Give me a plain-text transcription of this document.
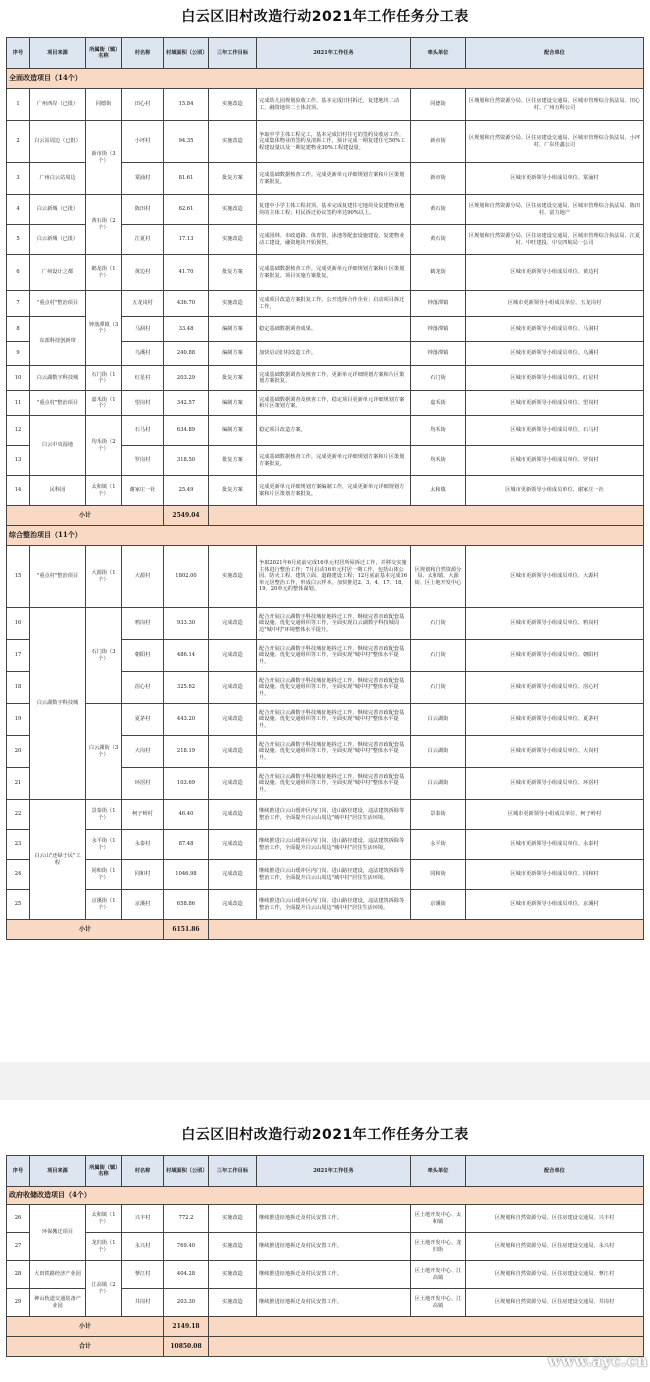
白云区旧村改造行动2021年工作任务分工表
序号	项目来源	所属街（镇）名称	村名称	村域面积（公顷）	三年工作目标	2021年工作任务	牵头单位	配合单位
全面改造项目（14个）								
1	广州西岸（已批）	同德街	田心村	15.84	实施改造	完成幼儿园规划验收工作。基本完成旧村拆迁，复建地块二动工，融资地块二土体封顶。	同德街	区城划和自然资源分局、区住房建设交通局、区城市管理综合执法局、田心村、广州万科公司
2	白云站周边（已批）	新市街（3个）	小坪村	94.35	实施改造	争取中学主体工程完工，基本完成旧村住宅的签约及收房工作，完成集体物业的签约及清拆工作，预计完成一期复建住宅50%工程建设量以及一期复建物业30%工程建设量。	新市街	区规划和自然资源分局、区住房建设交通局、区城市管理综合执法局、小坪村、广东佳鑫公司
3	广州白云站周边		棠涌村	81.61	批复方案	完成基础数据核查工作。完成更新单元详细规划方案和片区策划方案批复。	新市街	区城市更新领导小组成员单位、棠涌村
4	白云新城（已批）	黄石街（2个）	陈田村	62.61	实施改造	复建中小学主体工程封顶，基本完成复建住宅地块及复建物业地块的主体工程；村民拆迁协议签约率达90%以上。	黄石街	区规划和自然资源分局、区住房建设交通局、区城市管理综合执法局、陈田村、富力地产
5	白云新城（已批）		江夏村	17.13	实施改造	完成园林、市政道路、体育馆、泳池等配套设施建设，复建物业动工建设，融资地块开始预售。	黄石街	区规划和自然资源分局、区住房建设交通局、区城市管理综合执法局、江夏村、中旺建投、中交四航局一公司
6	广州设计之都	鹤龙街（1个）	黄边村	41.70	批复方案	完成基础数据核查工作。完成更新单元详细规划方案和片区策划方案批复。项目实施方案批复。	鹤龙街	区城市更新领导小组成员单位、黄边村
7	"重点村"整治项目	钟落潭镇（3个）	五龙岗村	436.70	实施改造	完成项目改造方案批复工作。公开选择合作企业；启动项目拆迁工作。	钟落潭镇	区城市更新领导小组成员单位、五龙岗村
8	东部科技创新带		马洞村	33.48	编制方案	稳定基础数据调查成果。	钟落潭镇	区城市更新领导小组成员单位、马洞村
9			乌溪村	240.88	编制方案	加快启动旧村改造工作。	钟落潭镇	区城市更新领导小组成员单位、乌溪村
10	白云湖数字科技城	石门街（1个）	红星村	203.29	批复方案	完成基础数据调查及核查工作，更新单元详细规划方案和片区策划方案批复。	石门街	区城市更新领导小组成员单位、红星村
11	"重点村"整治项目	嘉禾街（1个）	望岗村	342.57	编制方案	完成基础数据调查及核查工作，稳定项目更新单元详细规划方案和片区策划方案。	嘉禾街	区城市更新领导小组成员单位、望岗村
12	白云中央湿地	均禾街（2个）	石马村	634.89	编制方案	稳定项目改造方案。	均禾街	区城市更新领导小组成员单位、石马村
13			罗岗村	318.50	批复方案	完成基础数据核查工作。完成更新单元详细规划方案和片区策划方案批复。	均禾街	区城市更新领导小组成员单位、罗岗村
14	民科园	太和镇（1个）	谢家庄一社	25.49	批复方案	完成更新单元详细规划方案编制工作，完成更新单元详细规划方案和片区策划方案批复。	太和镇	区城市更新领导小组成员单位、谢家庄一社
小计				2549.04				
综合整治项目（11个）								
15	"重点村"整治项目	大源街（1个）	大源村	1802.00	实施改造	争取2021年6月底前完成16单元村居所屋拆迁工作，并移交实施主体进行整治工作；7月启动16单元村居一期工作，包括山体公园、防火工程、建筑立面、道路建设工程；12月底前基本完成16单元居整治工作，形成白云样本，加快推进2、3、4、17、18、19、20单元的整体谋划。	区规划和自然资源分局、太和镇、大源街、区土地开发中心	区城市更新领导小组成员单位、大源村
16	白云湖数字科技城	石门街（3个）	鸦岗村	933.30	完成改造	配合开展白云湖数字科技城征地拆迁工作，继续完善市政配套基础设施、优化交通组织等工作，全面实现白云湖数字科技城周边"城中村"环境整体水平提升。	石门街	区城市更新领导小组成员单位、鸦岗村
17			朝阳村	486.14	完成改造	配合开展白云湖数字科技城征地拆迁工作，继续完善市政配套基础设施、优化交通组织等工作，全面实现"城中村"整体水平提升。	石门街	区城市更新领导小组成员单位、朝阳村
18			滘心村	325.62	完成改造	配合开展白云湖数字科技城征地拆迁工作，继续完善市政配套基础设施、优化交通组织等工作，全面实现"城中村"整体水平提升。	石门街	区城市更新领导小组成员单位、滘心村
19		白云湖街（3个）	夏茅村	443.20	完成改造	配合开展白云湖数字科技城征地拆迁工作，继续完善市政配套基础设施、优化交通组织等工作，全面实现"城中村"整体水平提升。	白云湖街	区城市更新领导小组成员单位、夏茅村
20			大岗村	218.19	完成改造	配合开展白云湖数字科技城征地拆迁工作，继续完善市政配套基础设施、优化交通组织等工作，全面实现"城中村"整体水平提升。	白云湖街	区城市更新领导小组成员单位、大岗村
21			环滘村	103.69	完成改造	配合开展白云湖数字科技城征地拆迁工作，继续完善市政配套基础设施、优化交通组织等工作，全面实现"城中村"整体水平提升。	白云湖街	区城市更新领导小组成员单位、环滘村
22	白云山"还绿于民"工程	景泰街（1个）	柯子岭村	46.40	完成改造	继续推进白云山缓冲区内门岗、进山路径建设，违法建筑拆除等整治工作，全面提升白云山周边"城中村"居住生活环境。	景泰街	区城市更新领导小组成员单位、柯子岭村
23		永平街（1个）	永泰村	87.48	完成改造	继续推进白云山缓冲区内门岗、进山路径建设，违法建筑拆除等整治工作，全面提升白云山周边"城中村"居住生活环境。	永平街	区城市更新领导小组成员单位、永泰村
24		同和街（1个）	同和村	1046.98	完成改造	继续推进白云山缓冲区内门岗、进山路径建设，违法建筑拆除等整治工作，全面提升白云山周边"城中村"居住生活环境。	同和街	区城市更新领导小组成员单位、同和村
25		京溪街（1个）	京溪村	658.86	完成改造	继续推进白云山缓冲区内门岗、进山路径建设，违法建筑拆除等整治工作，全面提升白云山周边"城中村"居住生活环境。	京溪街	区城市更新领导小组成员单位、京溪村
小计				6151.86				
白云区旧村改造行动2021年工作任务分工表
序号	项目来源	所属街（镇）名称	村名称	村域面积（公顷）	三年工作目标	2021年工作任务	牵头单位	配合单位
政府收储改造项目（4个）								
26	环保搬迁项目	太和镇（1个）	兴丰村	772.2	实施改造	继续推进征地拆迁及村民安置工作。	区土地开发中心、太和镇	区规划和自然资源分局、区住房建设交通局、兴丰村
27		龙归街（1个）	永兴村	769.40	实施改造	继续推进征地拆迁及村民安置工作。	区土地开发中心、龙归街	区规划和自然资源分局、区住房建设交通局、永兴村
28	大田铁路经济产业园	江高镇（2个）	蓼江村	404.28	实施改造	继续推进征地拆迁及村民安置工作。	区土地开发中心、江高镇	区规划和自然资源分局、区住房建设交通局、蓼江村
29	神山轨道交通装备产业园		井岗村	203.30	实施改造	继续推进征地拆迁及村民安置工作。	区土地开发中心、江高镇	区规划和自然资源分局、区住房建设交通局、井岗村
小计				2149.18				
合计				10850.08				
www.ayc.cn
